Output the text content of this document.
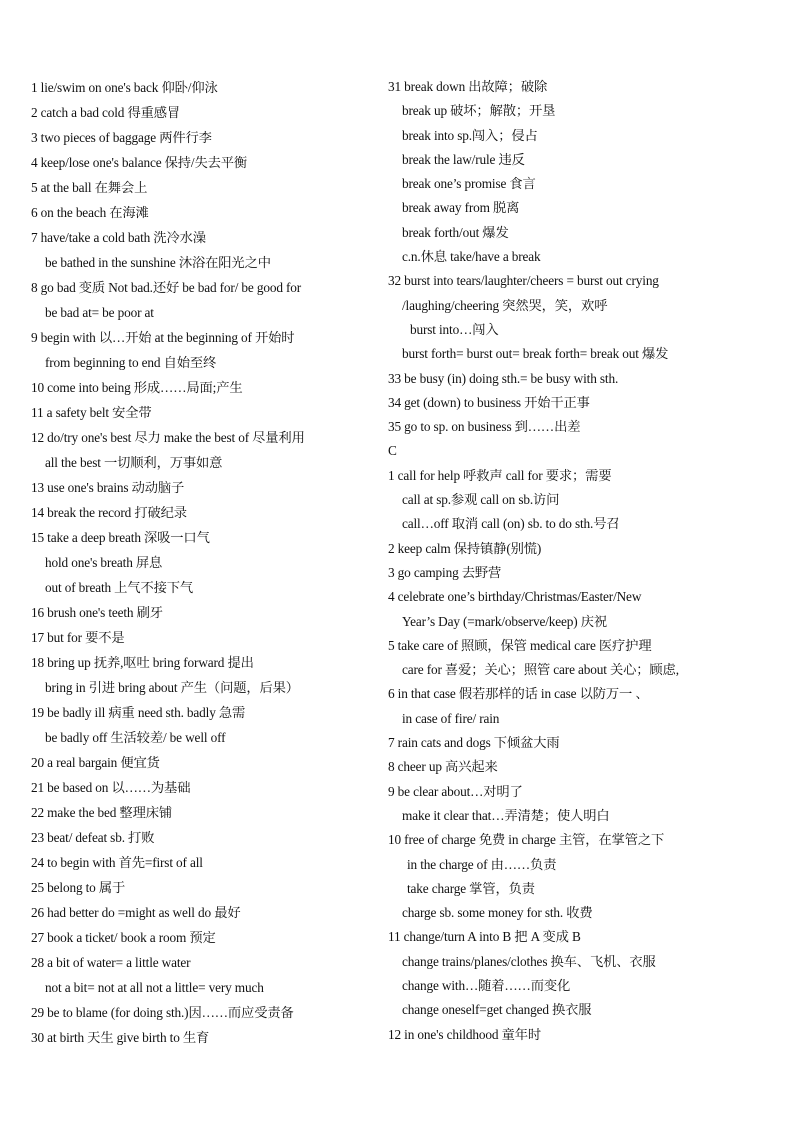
1 lie/swim on one's back 仰卧/仰泳
2 catch a bad cold 得重感冒
3 two pieces of baggage 两件行李
4 keep/lose one's balance 保持/失去平衡
5 at the ball 在舞会上
6 on the beach 在海滩
7 have/take a cold bath 洗冷水澡
be bathed in the sunshine 沐浴在阳光之中
8 go bad 变质 Not bad.还好 be bad for/ be good for
be bad at= be poor at
9 begin with 以…开始 at the beginning of 开始时
from beginning to end 自始至终
10 come into being 形成……局面;产生
11 a safety belt 安全带
12 do/try one's best 尽力 make the best of 尽量利用
all the best 一切顺利，万事如意
13 use one's brains 动动脑子
14 break the record 打破纪录
15 take a deep breath 深吸一口气
hold one's breath 屏息
out of breath 上气不接下气
16 brush one's teeth 刷牙
17 but for 要不是
18 bring up 抚养,呕吐 bring forward 提出
bring in 引进 bring about 产生（问题，后果）
19 be badly ill 病重 need sth. badly 急需
be badly off 生活较差/ be well off
20 a real bargain 便宜货
21 be based on 以……为基础
22 make the bed 整理床铺
23 beat/ defeat sb. 打败
24 to begin with 首先=first of all
25 belong to 属于
26 had better do =might as well do 最好
27 book a ticket/ book a room 预定
28 a bit of water= a little water
not a bit= not at all not a little= very much
29 be to blame (for doing sth.)因……而应受责备
30 at birth 天生 give birth to 生育
31 break down 出故障；破除
break up 破坏；解散；开垦
break into sp.闯入；侵占
break the law/rule 违反
break one’s promise 食言
break away from 脱离
break forth/out 爆发
c.n.休息 take/have a break
32 burst into tears/laughter/cheers = burst out crying
/laughing/cheering 突然哭，笑，欢呼
burst into…闯入
burst forth= burst out= break forth= break out 爆发
33 be busy (in) doing sth.= be busy with sth.
34 get (down) to business 开始干正事
35 go to sp. on business 到……出差
C
1 call for help 呼救声 call for 要求；需要
call at sp.参观 call on sb.访问
call…off 取消 call (on) sb. to do sth.号召
2 keep calm 保持镇静(别慌)
3 go camping 去野营
4 celebrate one’s birthday/Christmas/Easter/New
Year’s Day (=mark/observe/keep) 庆祝
5 take care of 照顾，保管 medical care 医疗护理
care for 喜爱；关心；照管 care about 关心；顾虑,
6 in that case 假若那样的话 in case 以防万一 、
in case of fire/ rain
7 rain cats and dogs 下倾盆大雨
8 cheer up 高兴起来
9 be clear about…对明了
make it clear that…弄清楚；使人明白
10 free of charge 免费 in charge 主管，在掌管之下
in the charge of 由……负责
take charge 掌管，负责
charge sb. some money for sth. 收费
11 change/turn A into B 把 A 变成 B
change trains/planes/clothes 换车、飞机、衣服
change with…随着……而变化
change oneself=get changed 换衣服
12 in one's childhood 童年时
